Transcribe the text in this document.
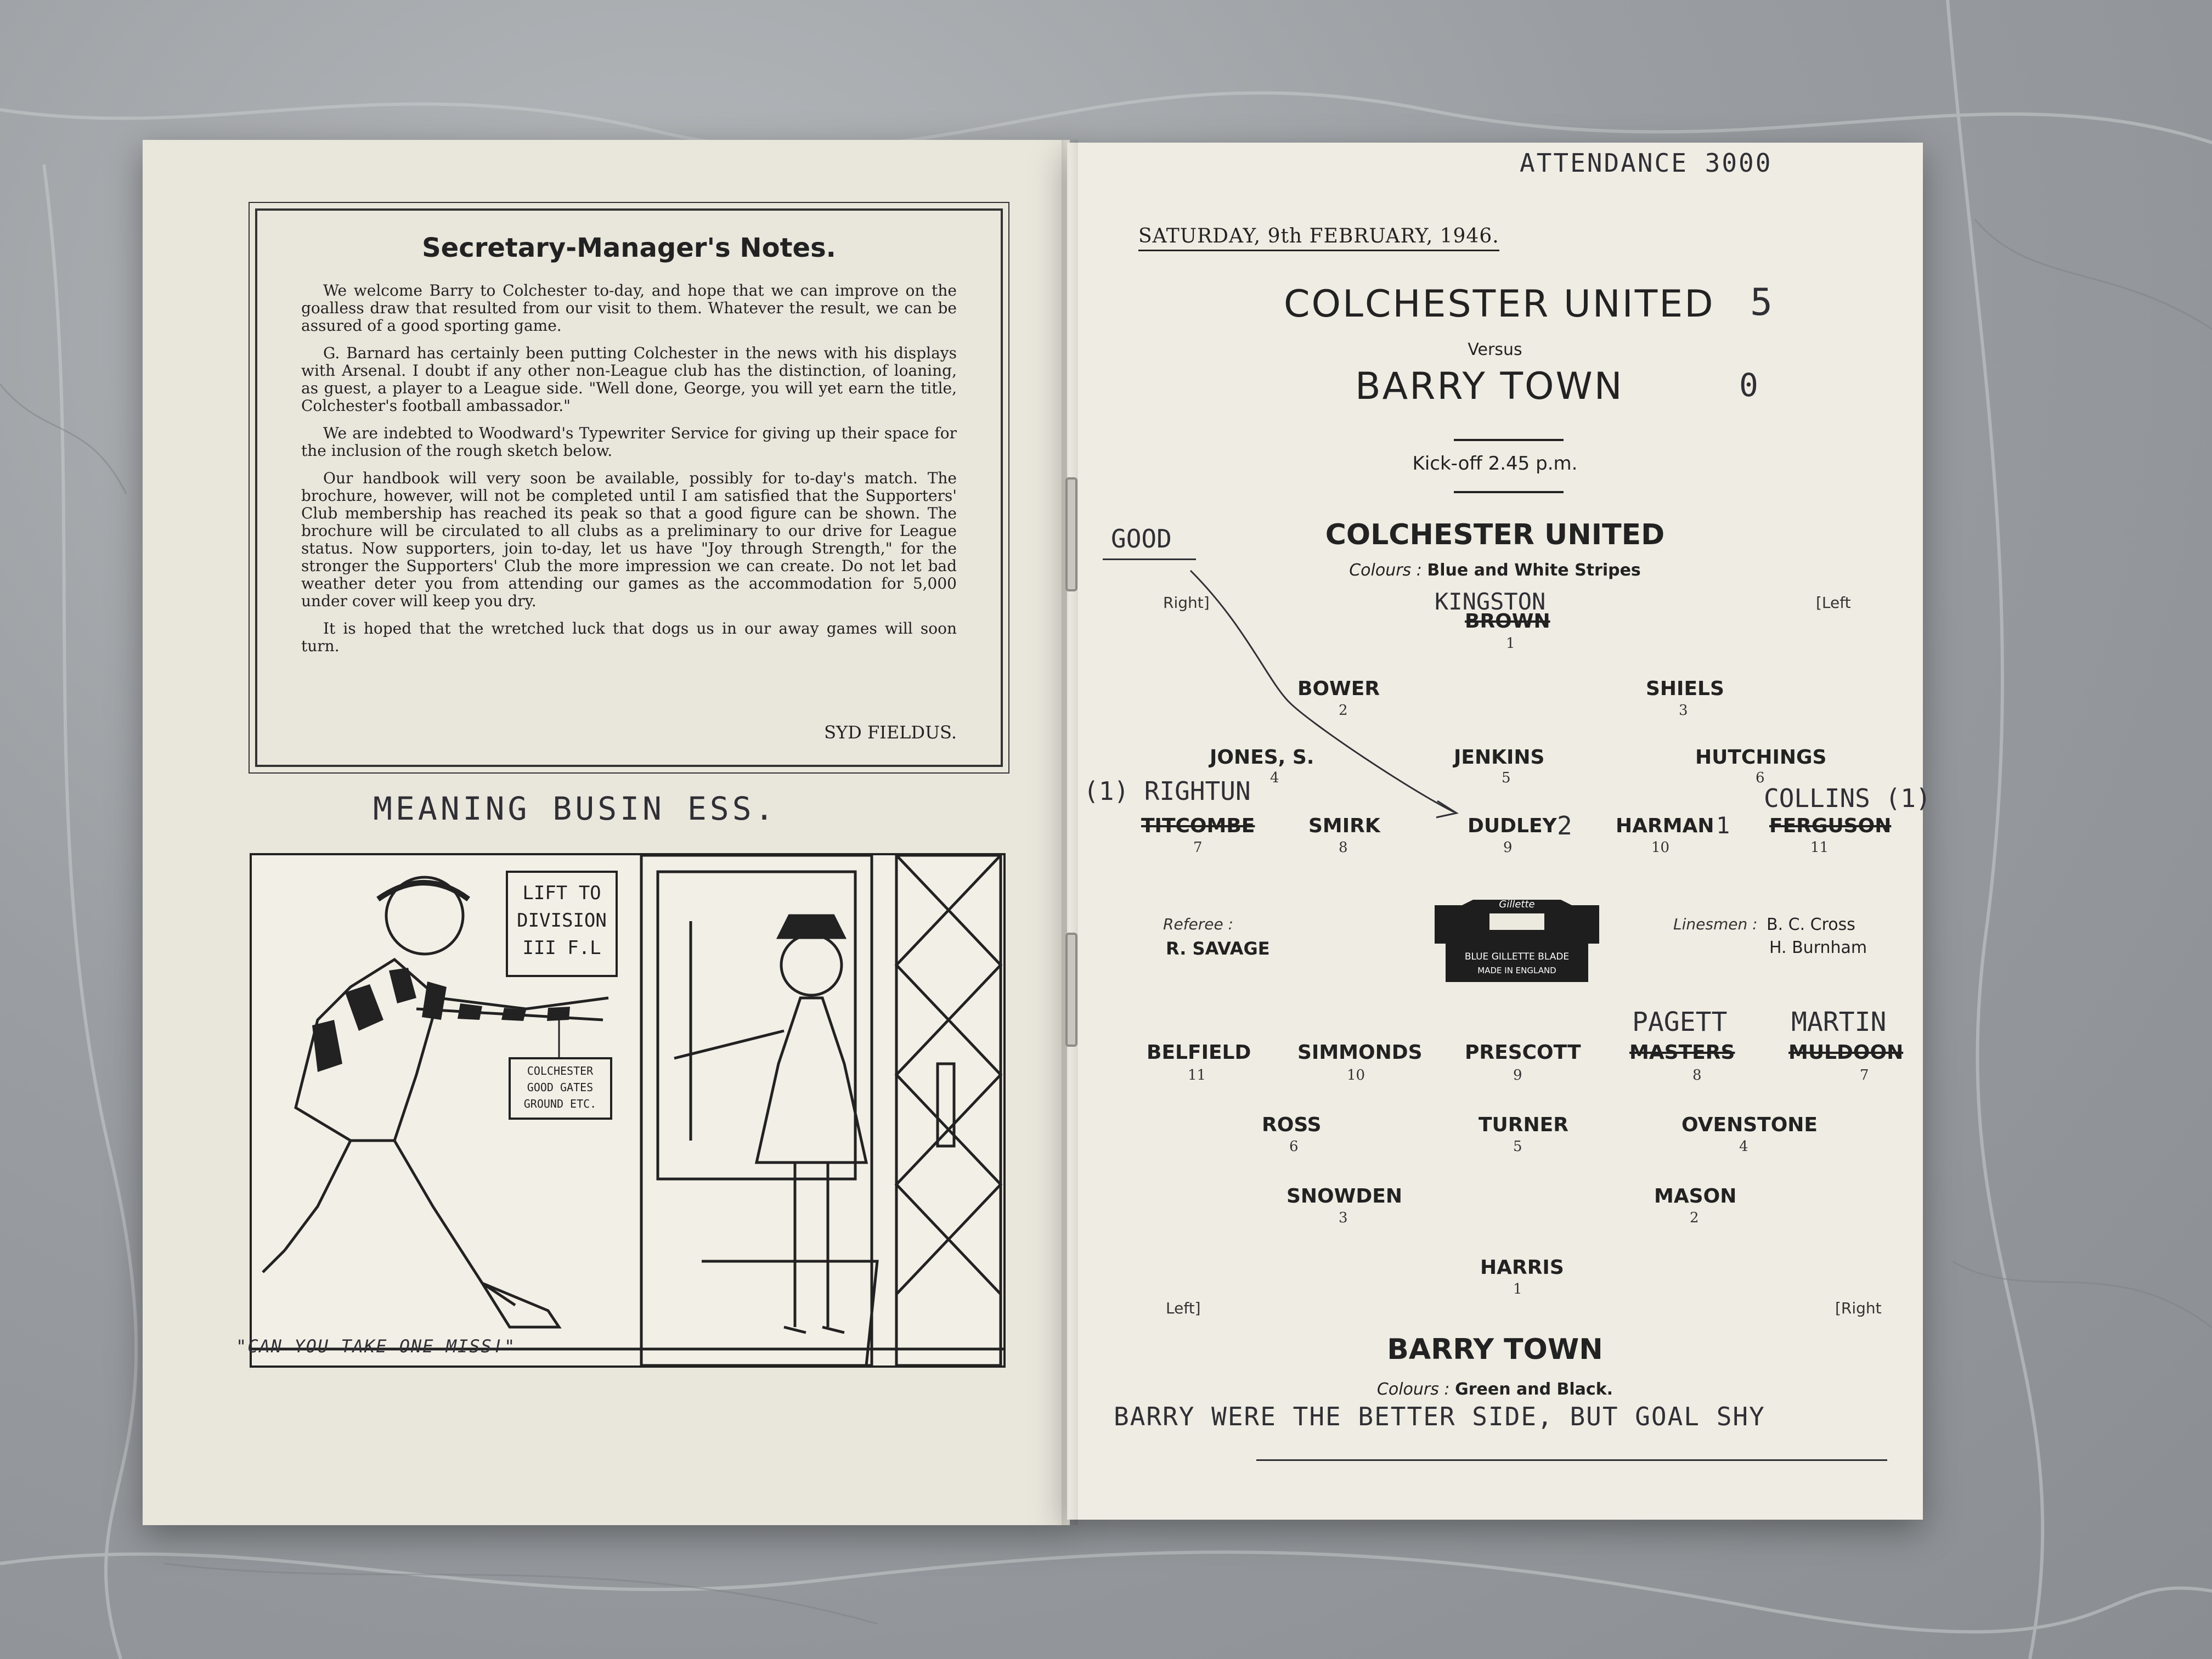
Secretary-Manager's Notes.

We welcome Barry to Colchester to-day, and hope that we can improve on the goalless draw that resulted from our visit to them. Whatever the result, we can be assured of a good sporting game.

G. Barnard has certainly been putting Colchester in the news with his displays with Arsenal. I doubt if any other non-League club has the distinction, of loaning, as guest, a player to a League side. "Well done, George, you will yet earn the title, Colchester's football ambassador."

We are indebted to Woodward's Typewriter Service for giving up their space for the inclusion of the rough sketch below.

Our handbook will very soon be available, possibly for to-day's match. The brochure, however, will not be completed until I am satisfied that the Supporters' Club membership has reached its peak so that a good figure can be shown. The brochure will be circulated to all clubs as a preliminary to our drive for League status. Now supporters, join to-day, let us have "Joy through Strength," for the stronger the Supporters' Club the more impression we can create. Do not let bad weather deter you from attending our games as the accommodation for 5,000 under cover will keep you dry.

It is hoped that the wretched luck that dogs us in our away games will soon turn.

SYD FIELDUS.
MEANING BUSIN ESS.
LIFT TO
DIVISION
III F.L
COLCHESTER
GOOD GATES
GROUND ETC.
"CAN YOU TAKE ONE MISS!"
ATTENDANCE 3000
SATURDAY, 9th FEBRUARY, 1946.
COLCHESTER UNITED 5
Versus
BARRY TOWN	0
Kick-off 2.45 p.m.
COLCHESTER UNITED
Colours : Blue and White Stripes
GOOD
Right]	[Left
KINGSTON
BROWN
1
BOWER
2
SHIELS
3
JONES, S.
4
JENKINS
5
HUTCHINGS
6
(1) RIGHTUN
TITCOMBE
7
SMIRK
8
DUDLEY 2
9
HARMAN 1
10
COLLINS (1)
FERGUSON
11
Referee :
R. SAVAGE
Linesmen : B. C. Cross
H. Burnham
Gillette
BLUE GILLETTE BLADE
MADE IN ENGLAND
PAGETT MARTIN
BELFIELD
11
SIMMONDS
10
PRESCOTT
9
MASTERS
8
MULDOON
7
ROSS
6
TURNER
5
OVENSTONE
4
SNOWDEN
3
MASON
2
HARRIS
1
Left]	[Right
BARRY TOWN
Colours : Green and Black.
BARRY WERE THE BETTER SIDE, BUT GOAL SHY
